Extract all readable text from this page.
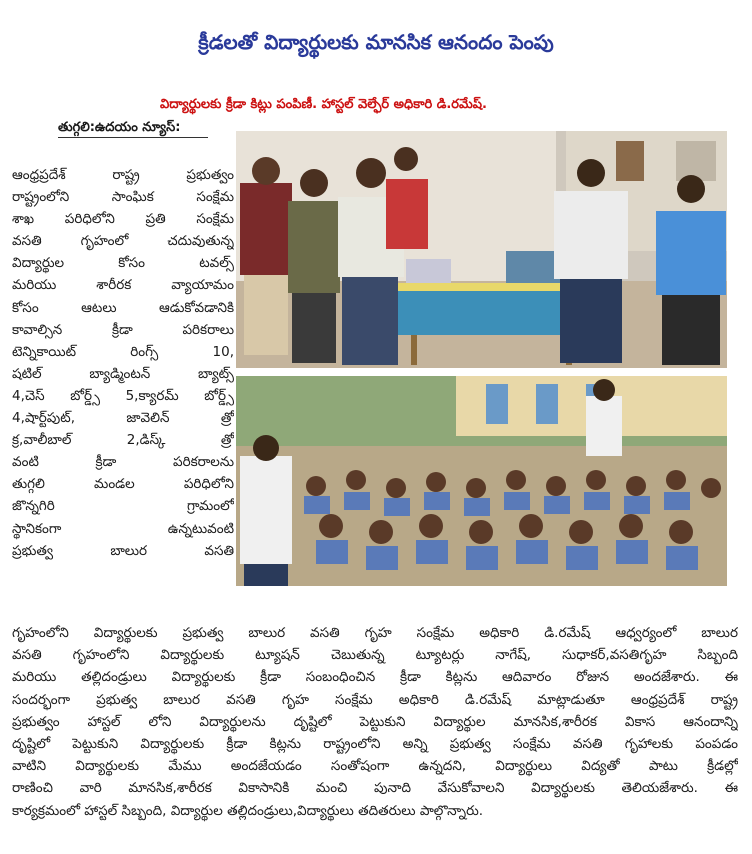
క్రీడలతో విద్యార్థులకు మానసిక ఆనందం పెంపు
విద్యార్థులకు క్రీడా కిట్లు పంపిణీ. హాస్టల్ వెల్ఫేర్ అధికారి డి.రమేష్.
తుగ్గలి:ఉదయం న్యూస్:
ఆంధ్రప్రదేశ్ రాష్ట్ర ప్రభుత్వం
రాష్ట్రంలోని సాంఘిక సంక్షేమ
శాఖ పరిధిలోని ప్రతి సంక్షేమ
వసతి గృహంలో చదువుతున్న
విద్యార్థుల కోసం టవల్స్
మరియు శారీరక వ్యాయామం
కోసం ఆటలు ఆడుకోవడానికి
కావాల్సిన క్రీడా పరికరాలు
టెన్నికాయిట్ రింగ్స్ 10,
షటిల్ బ్యాడ్మింటన్ బ్యాట్స్
4,చెస్ బోర్డ్స్ 5,క్యారమ్ బోర్డ్స్
4,షార్ట్‌పుట్, జావెలిన్ త్రో
క్ర,వాలీబాల్ 2,డిస్క్ త్రో
వంటి క్రీడా పరికరాలను
తుగ్గలి మండల పరిధిలోని
జొన్నగిరి గ్రామంలో
స్థానికంగా ఉన్నటువంటి
ప్రభుత్వ బాలుర వసతి
గృహంలోని విద్యార్థులకు ప్రభుత్వ బాలుర వసతి గృహ సంక్షేమ అధికారి డి.రమేష్ ఆధ్వర్యంలో బాలుర
వసతి గృహంలోని విద్యార్థులకు ట్యూషన్ చెబుతున్న ట్యూటర్లు నాగేష్, సుధాకర్,వసతిగృహ సిబ్బంది
మరియు తల్లిదండ్రులు విద్యార్థులకు క్రీడా సంబంధించిన క్రీడా కిట్లను ఆదివారం రోజున అందజేశారు. ఈ
సందర్భంగా ప్రభుత్వ బాలుర వసతి గృహ సంక్షేమ అధికారి డి.రమేష్ మాట్లాడుతూ ఆంధ్రప్రదేశ్ రాష్ట్ర
ప్రభుత్వం హాస్టల్ లోని విద్యార్థులను దృష్టిలో పెట్టుకుని విద్యార్థుల మానసిక,శారీరక వికాస ఆనందాన్ని
దృష్టిలో పెట్టుకుని విద్యార్థులకు క్రీడా కిట్లను రాష్ట్రంలోని అన్ని ప్రభుత్వ సంక్షేమ వసతి గృహాలకు పంపడం
వాటిని విద్యార్థులకు మేము అందజేయడం సంతోషంగా ఉన్నదని, విద్యార్థులు విద్యతో పాటు క్రీడల్లో
రాణించి వారి మానసిక,శారీరక వికాసానికి మంచి పునాది వేసుకోవాలని విద్యార్థులకు తెలియజేశారు. ఈ
కార్యక్రమంలో హాస్టల్ సిబ్బంది, విద్యార్థుల తల్లిదండ్రులు,విద్యార్థులు తదితరులు పాల్గొన్నారు.
